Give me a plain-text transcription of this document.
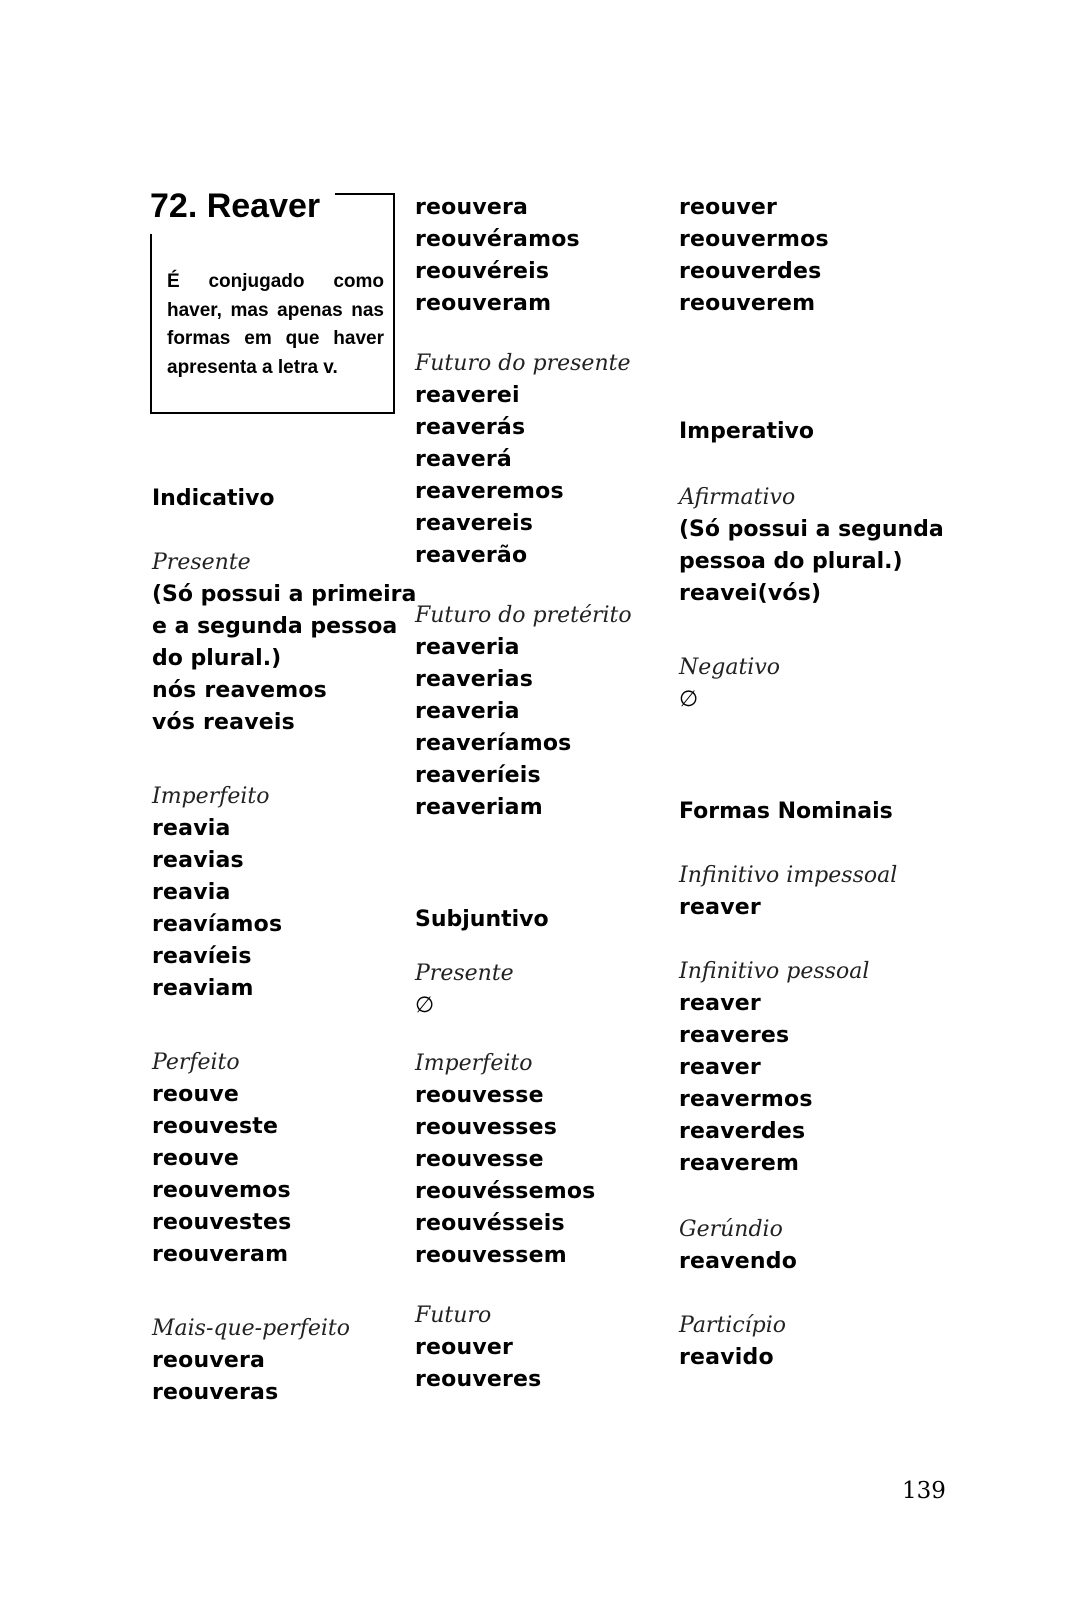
72. Reaver
É conjugado como haver, mas apenas nas formas em que haver apresenta a letra v.

Indicativo

Presente

(Só possui a primeira

e a segunda pessoa

do plural.)

nós reavemos

vós reaveis

Imperfeito

reavia

reavias

reavia

reavíamos

reavíeis

reaviam

Perfeito

reouve

reouveste

reouve

reouvemos

reouvestes

reouveram

Mais-que-perfeito

reouvera

reouveras

reouvera

reouvéramos

reouvéreis

reouveram

Futuro do presente

reaverei

reaverás

reaverá

reaveremos

reavereis

reaverão

Futuro do pretérito

reaveria

reaverias

reaveria

reaveríamos

reaveríeis

reaveriam

Subjuntivo

Presente

∅

Imperfeito

reouvesse

reouvesses

reouvesse

reouvéssemos

reouvésseis

reouvessem

Futuro

reouver

reouveres

reouver

reouvermos

reouverdes

reouverem

Imperativo

Afirmativo

(Só possui a segunda

pessoa do plural.)

reavei(vós)

Negativo

∅

Formas Nominais

Infinitivo impessoal

reaver

Infinitivo pessoal

reaver

reaveres

reaver

reavermos

reaverdes

reaverem

Gerúndio

reavendo

Particípio

reavido

139
